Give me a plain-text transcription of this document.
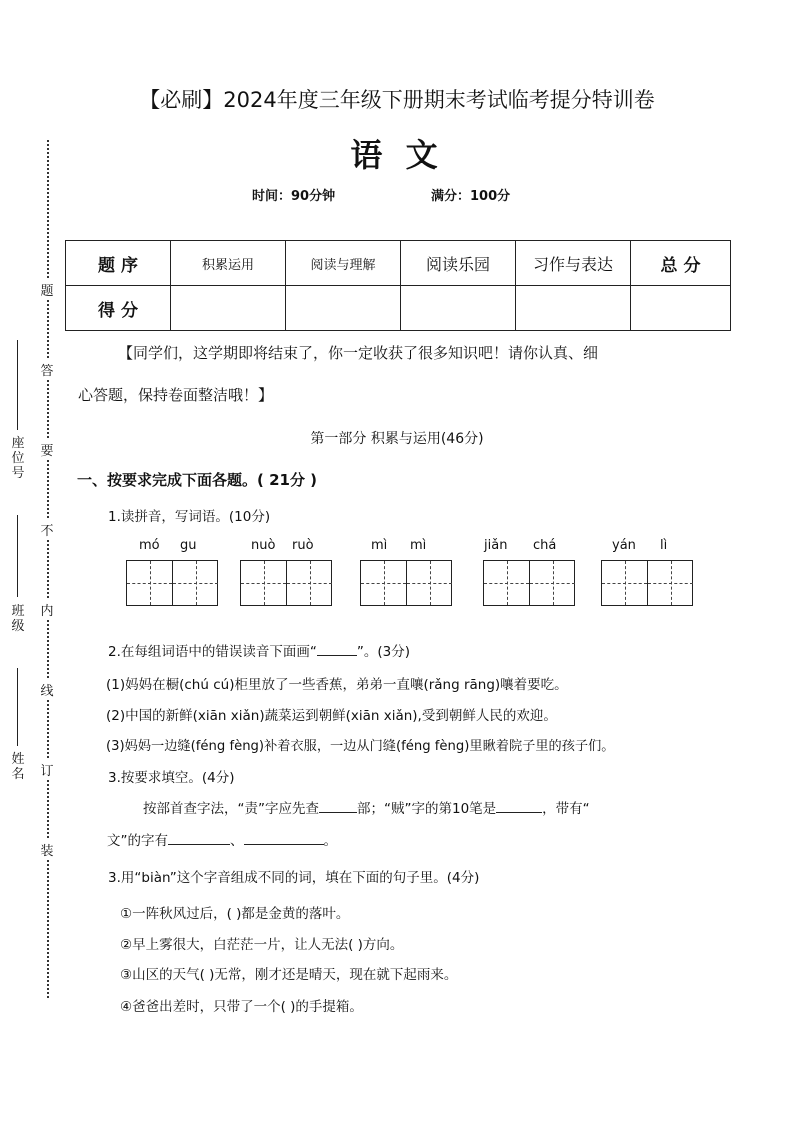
座
位
号
班
级
姓
名
题
答
要
不
内
线
订
装
【必刷】2024年度三年级下册期末考试临考提分特训卷
语 文
时间：90分钟	满分：100分
题 序	积累运用	阅读与理解	阅读乐园	习作与表达	总 分
得 分					
【同学们，这学期即将结束了，你一定收获了很多知识吧！请你认真、细
心答题，保持卷面整洁哦！】
第一部分 积累与运用(46分)
一、按要求完成下面各题。( 21分 )
1.读拼音，写词语。(10分)
mó gu	nuò ruò	mì mì	jiǎn chá	yán lì
2.在每组词语中的错误读音下面画“	”。(3分)
(1)妈妈在橱(chú cú)柜里放了一些香蕉，弟弟一直嚷(rǎng rāng)嚷着要吃。
(2)中国的新鲜(xiān xiǎn)蔬菜运到朝鲜(xiān xiǎn),受到朝鲜人民的欢迎。
(3)妈妈一边缝(féng fèng)补着衣服，一边从门缝(féng fèng)里瞅着院子里的孩子们。
3.按要求填空。(4分)
按部首查字法，“责”字应先查	部；“贼”字的第10笔是	，带有“
文”的字有	、	。
3.用“biàn”这个字音组成不同的词，填在下面的句子里。(4分)
①一阵秋风过后，( )都是金黄的落叶。
②早上雾很大，白茫茫一片，让人无法( )方向。
③山区的天气( )无常，刚才还是晴天，现在就下起雨来。
④爸爸出差时，只带了一个( )的手提箱。
